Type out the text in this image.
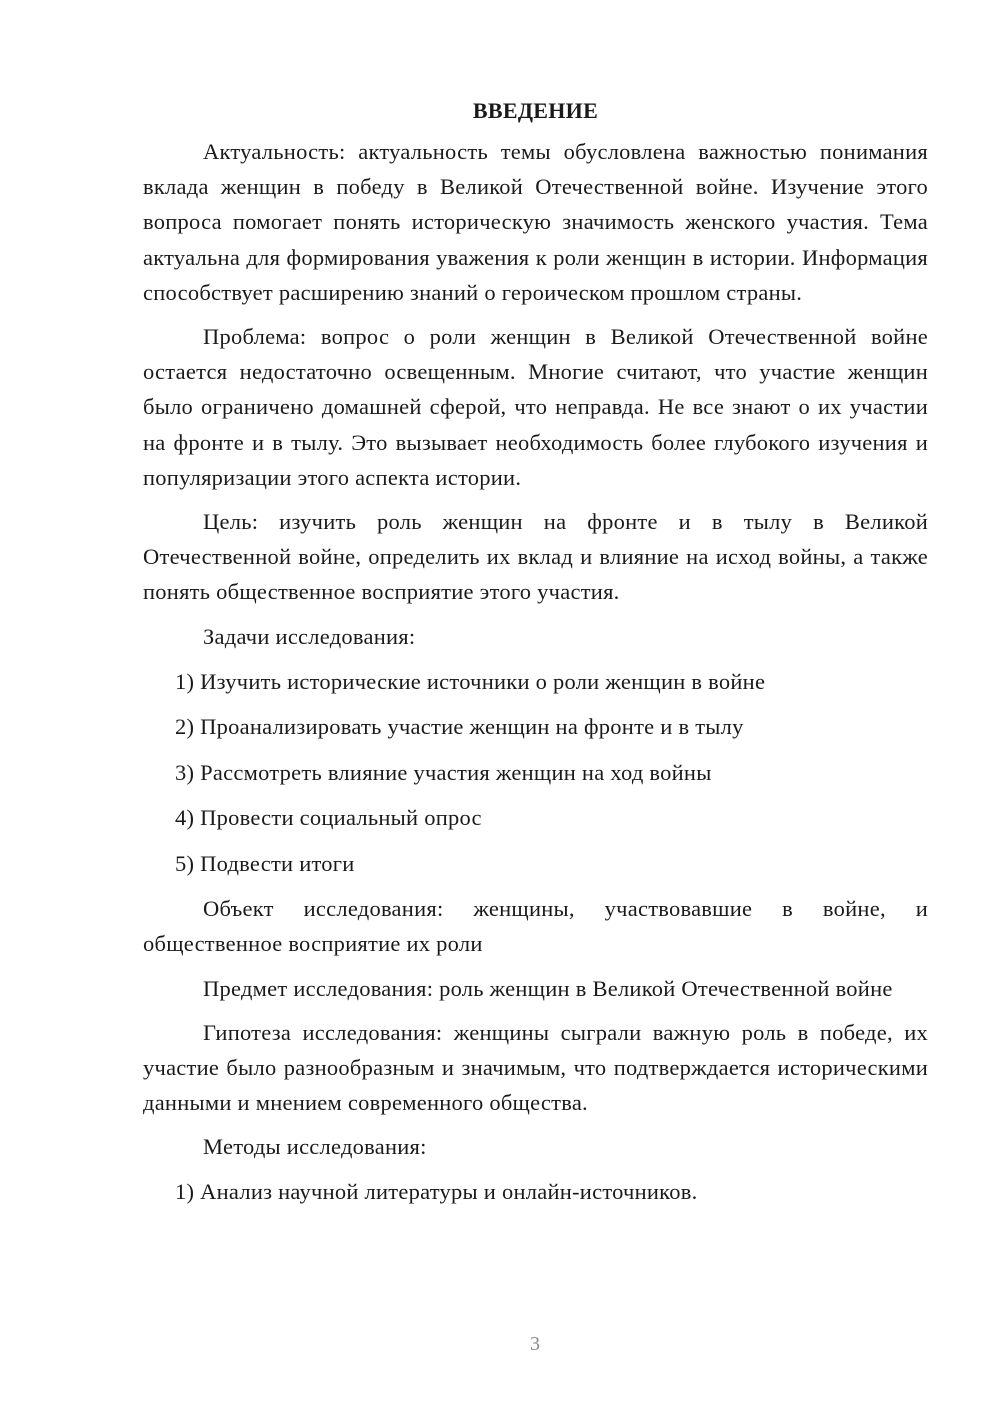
ВВЕДЕНИЕ

Актуальность: актуальность темы обусловлена важностью понимания вклада женщин в победу в Великой Отечественной войне. Изучение этого вопроса помогает понять историческую значимость женского участия. Тема актуальна для формирования уважения к роли женщин в истории. Информация способствует расширению знаний о героическом прошлом страны.

Проблема: вопрос о роли женщин в Великой Отечественной войне остается недостаточно освещенным. Многие считают, что участие женщин было ограничено домашней сферой, что неправда. Не все знают о их участии на фронте и в тылу. Это вызывает необходимость более глубокого изучения и популяризации этого аспекта истории.

Цель: изучить роль женщин на фронте и в тылу в Великой Отечественной войне, определить их вклад и влияние на исход войны, а также понять общественное восприятие этого участия.

Задачи исследования:

1) Изучить исторические источники о роли женщин в войне
2) Проанализировать участие женщин на фронте и в тылу
3) Рассмотреть влияние участия женщин на ход войны
4) Провести социальный опрос
5) Подвести итоги

Объект исследования: женщины, участвовавшие в войне, и общественное восприятие их роли

Предмет исследования: роль женщин в Великой Отечественной войне

Гипотеза исследования: женщины сыграли важную роль в победе, их участие было разнообразным и значимым, что подтверждается историческими данными и мнением современного общества.

Методы исследования:

1) Анализ научной литературы и онлайн-источников.
3
